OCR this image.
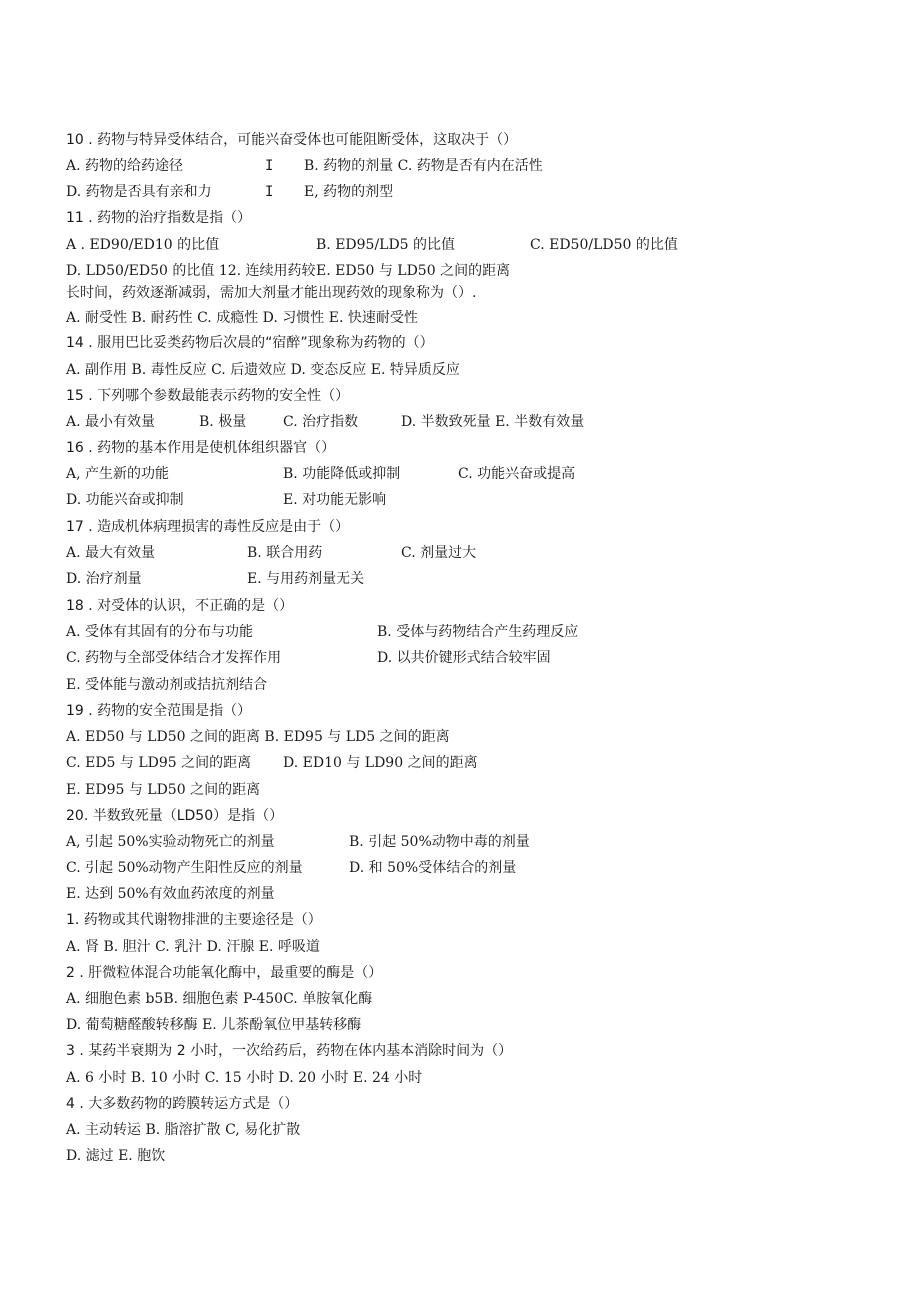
10 . 药物与特异受体结合，可能兴奋受体也可能阻断受体，这取决于（）
A. 药物的给药途径	I B. 药物的剂量 C. 药物是否有内在活性
D. 药物是否具有亲和力	I E, 药物的剂型
11 . 药物的治疗指数是指（）
A . ED90/ED10 的比值	B. ED95/LD5 的比值	C. ED50/LD50 的比值
D. LD50/ED50 的比值 12. 连续用药较 E. ED50 与 LD50 之间的距离
长时间，药效逐渐减弱，需加大剂量才能出现药效的现象称为（）.
A. 耐受性 B. 耐药性 C. 成瘾性 D. 习惯性 E. 快速耐受性
14 . 服用巴比妥类药物后次晨的“宿醉”现象称为药物的（）
A. 副作用 B. 毒性反应 C. 后遗效应 D. 变态反应 E. 特异质反应
15 . 下列哪个参数最能表示药物的安全性（）
A. 最小有效量	B. 极量	C. 治疗指数	D. 半数致死量 E. 半数有效量
16 . 药物的基本作用是使机体组织器官（）
A, 产生新的功能	B. 功能降低或抑制	C. 功能兴奋或提高
D. 功能兴奋或抑制	E. 对功能无影响
17 . 造成机体病理损害的毒性反应是由于（）
A. 最大有效量	B. 联合用药	C. 剂量过大
D. 治疗剂量	E. 与用药剂量无关
18 . 对受体的认识，不正确的是（）
A. 受体有其固有的分布与功能	B. 受体与药物结合产生药理反应
C. 药物与全部受体结合才发挥作用	D. 以共价键形式结合较牢固
E. 受体能与激动剂或拮抗剂结合
19 . 药物的安全范围是指（）
A. ED50 与 LD50 之间的距离 B. ED95 与 LD5 之间的距离
C. ED5 与 LD95 之间的距离 D. ED10 与 LD90 之间的距离
E. ED95 与 LD50 之间的距离
20. 半数致死量（LD50）是指（）
A, 引起 50%实验动物死亡的剂量	B. 引起 50%动物中毒的剂量
C. 引起 50%动物产生阳性反应的剂量	D. 和 50%受体结合的剂量
E. 达到 50%有效血药浓度的剂量
1. 药物或其代谢物排泄的主要途径是（）
A. 肾 B. 胆汁 C. 乳汁 D. 汗腺 E. 呼吸道
2 . 肝微粒体混合功能氧化酶中，最重要的酶是（）
A. 细胞色素 b5B. 细胞色素 P-450C. 单胺氧化酶
D. 葡萄糖醛酸转移酶 E. 儿茶酚氧位甲基转移酶
3 . 某药半衰期为 2 小时，一次给药后，药物在体内基本消除时间为（）
A. 6 小时 B. 10 小时 C. 15 小时 D. 20 小时 E. 24 小时
4 . 大多数药物的跨膜转运方式是（）
A. 主动转运 B. 脂溶扩散 C, 易化扩散
D. 滤过 E. 胞饮
